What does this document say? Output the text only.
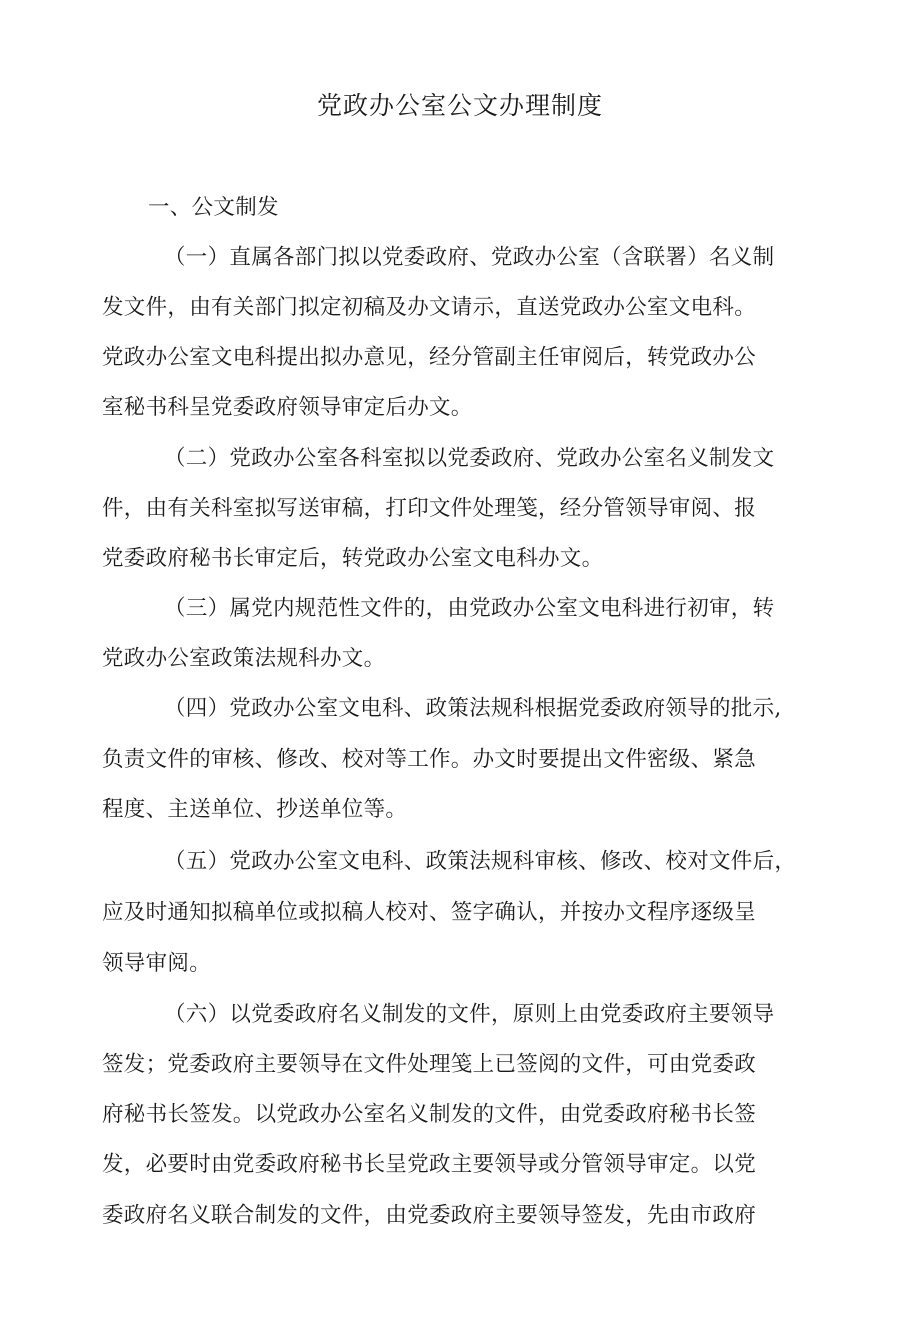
党政办公室公文办理制度
一、公文制发
（一）直属各部门拟以党委政府、党政办公室（含联署）名义制
发文件，由有关部门拟定初稿及办文请示，直送党政办公室文电科。
党政办公室文电科提出拟办意见，经分管副主任审阅后，转党政办公
室秘书科呈党委政府领导审定后办文。
（二）党政办公室各科室拟以党委政府、党政办公室名义制发文
件，由有关科室拟写送审稿，打印文件处理笺，经分管领导审阅、报
党委政府秘书长审定后，转党政办公室文电科办文。
（三）属党内规范性文件的，由党政办公室文电科进行初审，转
党政办公室政策法规科办文。
（四）党政办公室文电科、政策法规科根据党委政府领导的批示,
负责文件的审核、修改、校对等工作。办文时要提出文件密级、紧急
程度、主送单位、抄送单位等。
（五）党政办公室文电科、政策法规科审核、修改、校对文件后，
应及时通知拟稿单位或拟稿人校对、签字确认，并按办文程序逐级呈
领导审阅。
（六）以党委政府名义制发的文件，原则上由党委政府主要领导
签发；党委政府主要领导在文件处理笺上已签阅的文件，可由党委政
府秘书长签发。以党政办公室名义制发的文件，由党委政府秘书长签
发，必要时由党委政府秘书长呈党政主要领导或分管领导审定。以党
委政府名义联合制发的文件，由党委政府主要领导签发，先由市政府
